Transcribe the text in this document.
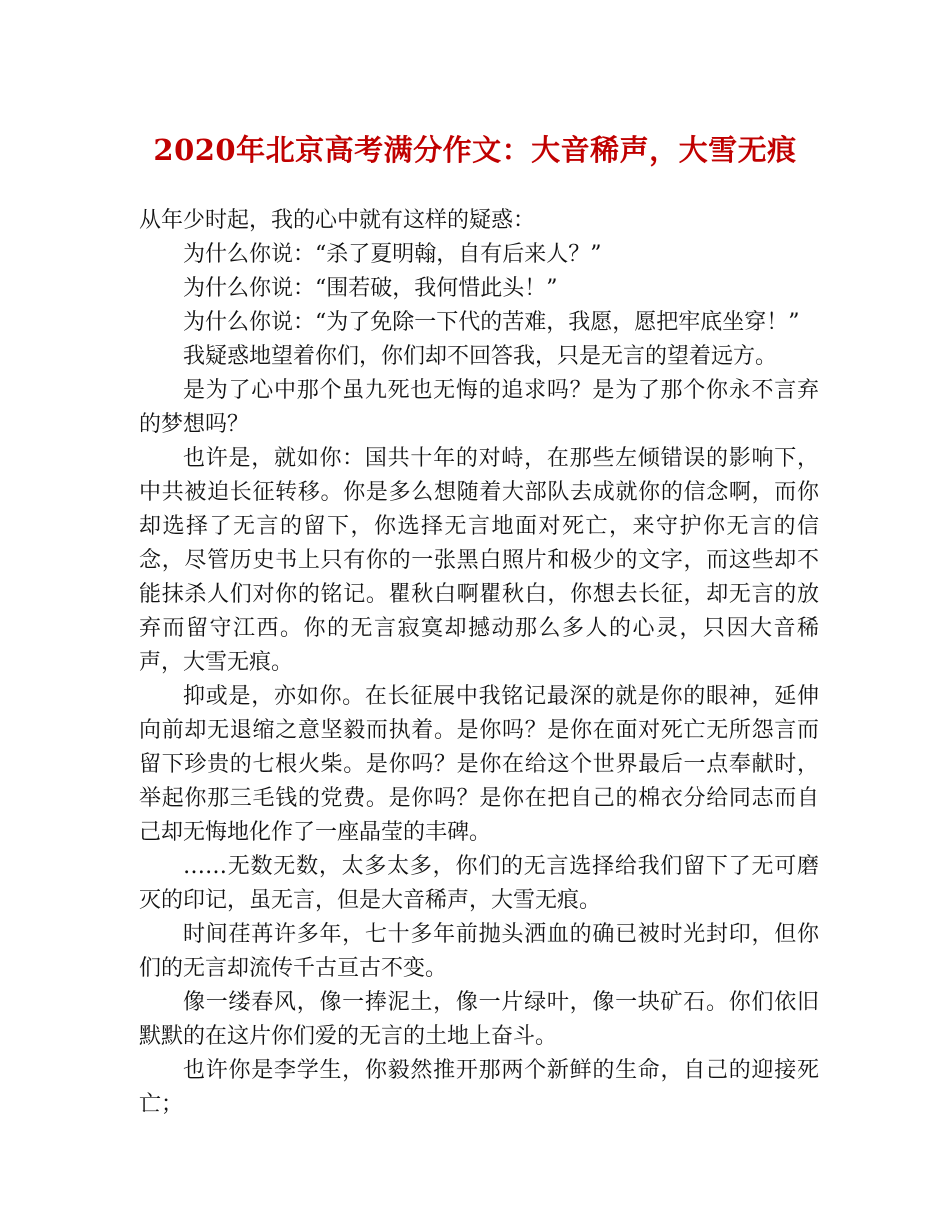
2020年北京高考满分作文：大音稀声，大雪无痕

从年少时起，我的心中就有这样的疑惑：

为什么你说：“杀了夏明翰，自有后来人？”

为什么你说：“围若破，我何惜此头！”

为什么你说：“为了免除一下代的苦难，我愿，愿把牢底坐穿！”

我疑惑地望着你们，你们却不回答我，只是无言的望着远方。

是为了心中那个虽九死也无悔的追求吗？是为了那个你永不言弃的梦想吗？

也许是，就如你：国共十年的对峙，在那些左倾错误的影响下，中共被迫长征转移。你是多么想随着大部队去成就你的信念啊，而你却选择了无言的留下，你选择无言地面对死亡，来守护你无言的信念，尽管历史书上只有你的一张黑白照片和极少的文字，而这些却不能抹杀人们对你的铭记。瞿秋白啊瞿秋白，你想去长征，却无言的放弃而留守江西。你的无言寂寞却撼动那么多人的心灵，只因大音稀声，大雪无痕。

抑或是，亦如你。在长征展中我铭记最深的就是你的眼神，延伸向前却无退缩之意坚毅而执着。是你吗？是你在面对死亡无所怨言而留下珍贵的七根火柴。是你吗？是你在给这个世界最后一点奉献时，举起你那三毛钱的党费。是你吗？是你在把自己的棉衣分给同志而自己却无悔地化作了一座晶莹的丰碑。

……无数无数，太多太多，你们的无言选择给我们留下了无可磨灭的印记，虽无言，但是大音稀声，大雪无痕。

时间荏苒许多年，七十多年前抛头洒血的确已被时光封印，但你们的无言却流传千古亘古不变。

像一缕春风，像一捧泥土，像一片绿叶，像一块矿石。你们依旧默默的在这片你们爱的无言的土地上奋斗。

也许你是李学生，你毅然推开那两个新鲜的生命，自己的迎接死亡；
